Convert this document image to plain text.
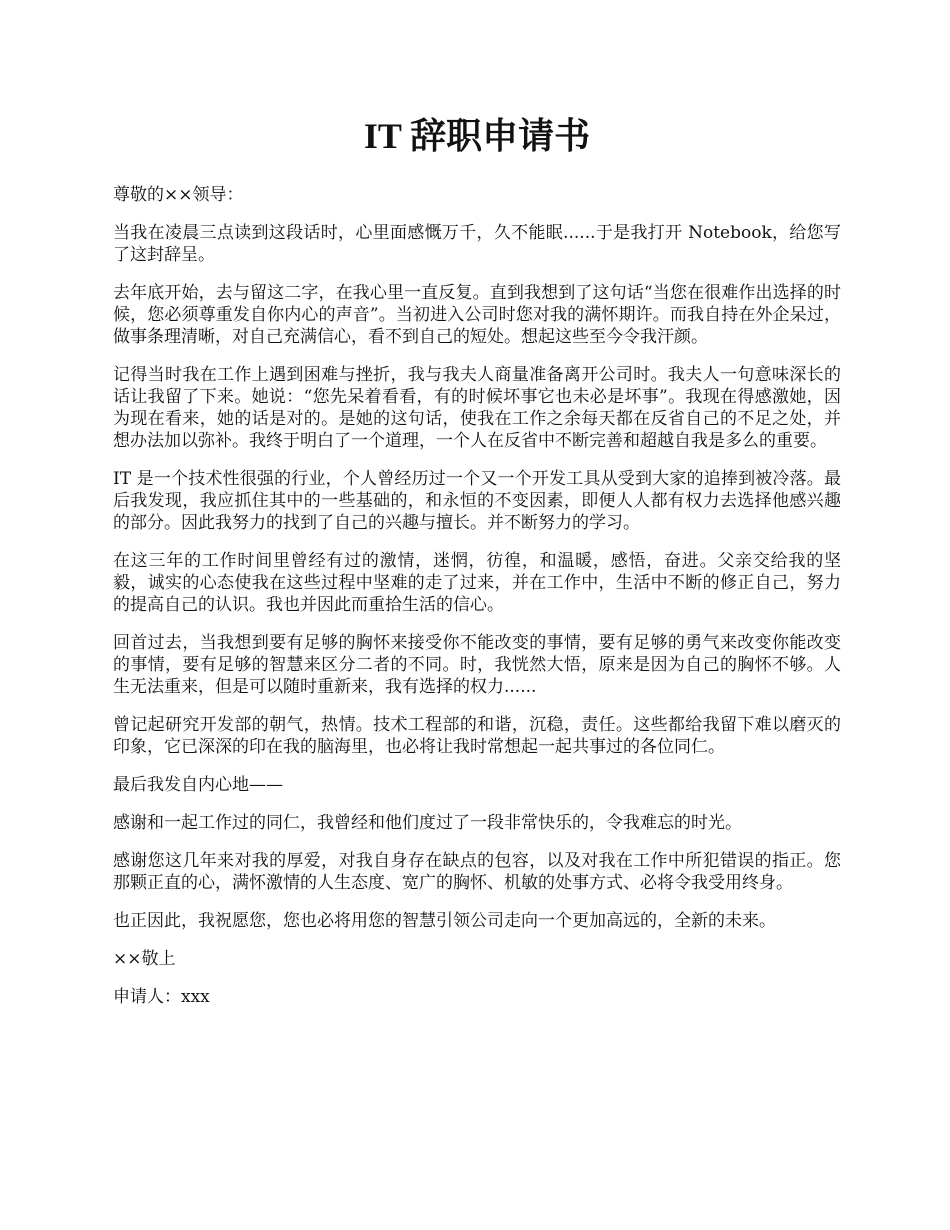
IT 辞职申请书

尊敬的××领导：

当我在凌晨三点读到这段话时，心里面感慨万千，久不能眠......于是我打开 Notebook，给您写了这封辞呈。

去年底开始，去与留这二字，在我心里一直反复。直到我想到了这句话“当您在很难作出选择的时候，您必须尊重发自你内心的声音”。当初进入公司时您对我的满怀期许。而我自持在外企呆过，做事条理清晰，对自己充满信心，看不到自己的短处。想起这些至今令我汗颜。

记得当时我在工作上遇到困难与挫折，我与我夫人商量准备离开公司时。我夫人一句意味深长的话让我留了下来。她说：“您先呆着看看，有的时候坏事它也未必是坏事”。我现在得感激她，因为现在看来，她的话是对的。是她的这句话，使我在工作之余每天都在反省自己的不足之处，并想办法加以弥补。我终于明白了一个道理，一个人在反省中不断完善和超越自我是多么的重要。

IT 是一个技术性很强的行业，个人曾经历过一个又一个开发工具从受到大家的追捧到被冷落。最后我发现，我应抓住其中的一些基础的，和永恒的不变因素，即便人人都有权力去选择他感兴趣的部分。因此我努力的找到了自己的兴趣与擅长。并不断努力的学习。

在这三年的工作时间里曾经有过的激情，迷惘，彷徨，和温暖，感悟，奋进。父亲交给我的坚毅，诚实的心态使我在这些过程中坚难的走了过来，并在工作中，生活中不断的修正自己，努力的提高自己的认识。我也并因此而重拾生活的信心。

回首过去，当我想到要有足够的胸怀来接受你不能改变的事情，要有足够的勇气来改变你能改变的事情，要有足够的智慧来区分二者的不同。时，我恍然大悟，原来是因为自己的胸怀不够。人生无法重来，但是可以随时重新来，我有选择的权力......

曾记起研究开发部的朝气，热情。技术工程部的和谐，沉稳，责任。这些都给我留下难以磨灭的印象，它已深深的印在我的脑海里，也必将让我时常想起一起共事过的各位同仁。

最后我发自内心地——

感谢和一起工作过的同仁，我曾经和他们度过了一段非常快乐的，令我难忘的时光。

感谢您这几年来对我的厚爱，对我自身存在缺点的包容，以及对我在工作中所犯错误的指正。您那颗正直的心，满怀激情的人生态度、宽广的胸怀、机敏的处事方式、必将令我受用终身。

也正因此，我祝愿您，您也必将用您的智慧引领公司走向一个更加高远的，全新的未来。

××敬上

申请人：xxx
